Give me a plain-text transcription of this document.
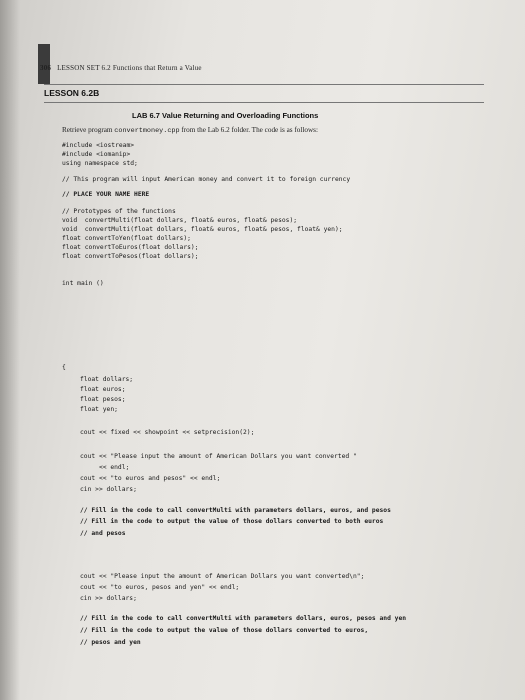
306 LESSON SET 6.2 Functions that Return a Value
LESSON 6.2B
LAB 6.7 Value Returning and Overloading Functions
Retrieve program convertmoney.cpp from the Lab 6.2 folder. The code is as follows:
#include <iostream>
#include <iomanip>
using namespace std;
// This program will input American money and convert it to foreign currency
// PLACE YOUR NAME HERE
// Prototypes of the functions
void  convertMulti(float dollars, float& euros, float& pesos);
void  convertMulti(float dollars, float& euros, float& pesos, float& yen);
float convertToYen(float dollars);
float convertToEuros(float dollars);
float convertToPesos(float dollars);
int main ()
{
float dollars;
float euros;
float pesos;
float yen;
cout << fixed << showpoint << setprecision(2);
cout << "Please input the amount of American Dollars you want converted "
<< endl;
cout << "to euros and pesos" << endl;
cin >> dollars;
// Fill in the code to call convertMulti with parameters dollars, euros, and pesos
// Fill in the code to output the value of those dollars converted to both euros
// and pesos
cout << "Please input the amount of American Dollars you want converted\n";
cout << "to euros, pesos and yen" << endl;
cin >> dollars;
// Fill in the code to call convertMulti with parameters dollars, euros, pesos and yen
// Fill in the code to output the value of those dollars converted to euros,
// pesos and yen
